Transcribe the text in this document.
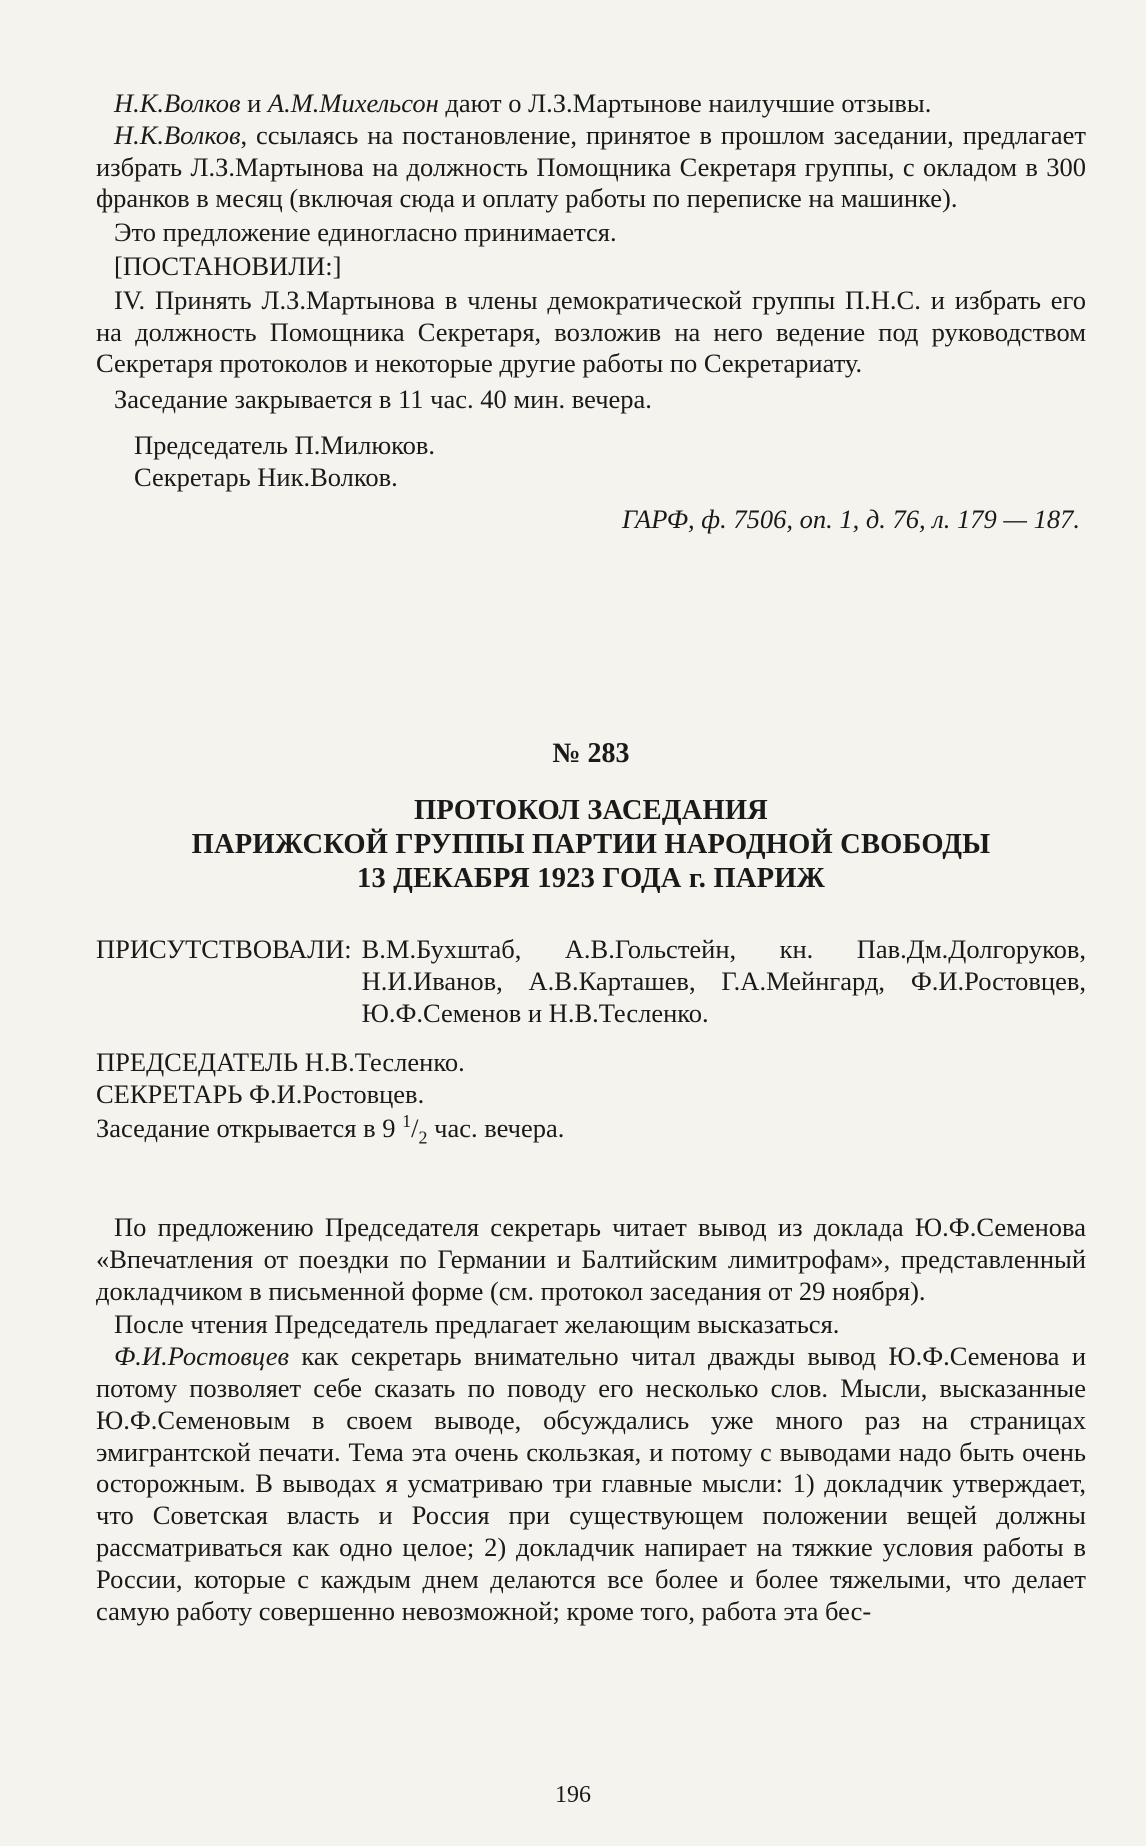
Н.К.Волков и А.М.Михельсон дают о Л.З.Мартынове наилучшие отзывы.

Н.К.Волков, ссылаясь на постановление, принятое в прошлом заседании, предлагает избрать Л.З.Мартынова на должность Помощника Секретаря группы, с окладом в 300 франков в месяц (включая сюда и оплату работы по переписке на машинке).

Это предложение единогласно принимается.

[ПОСТАНОВИЛИ:]

IV. Принять Л.З.Мартынова в члены демократической группы П.Н.С. и избрать его на должность Помощника Секретаря, возложив на него ведение под руководством Секретаря протоколов и некоторые другие работы по Секретариату.

Заседание закрывается в 11 час. 40 мин. вечера.

Председатель П.Милюков.

Секретарь Ник.Волков.

ГАРФ, ф. 7506, оп. 1, д. 76, л. 179 — 187.

№ 283

ПРОТОКОЛ ЗАСЕДАНИЯ

ПАРИЖСКОЙ ГРУППЫ ПАРТИИ НАРОДНОЙ СВОБОДЫ

13 ДЕКАБРЯ 1923 ГОДА г. ПАРИЖ

ПРИСУТСТВОВАЛИ: В.М.Бухштаб, А.В.Гольстейн, кн. Пав.Дм.Долгоруков, Н.И.Иванов, А.В.Карташев, Г.А.Мейнгард, Ф.И.Ростовцев, Ю.Ф.Семенов и Н.В.Тесленко.

ПРЕДСЕДАТЕЛЬ Н.В.Тесленко.

СЕКРЕТАРЬ Ф.И.Ростовцев.

Заседание открывается в 9 $^1/_2$ час. вечера.

По предложению Председателя секретарь читает вывод из доклада Ю.Ф.Семенова «Впечатления от поездки по Германии и Балтийским лимитрофам», представленный докладчиком в письменной форме (см. протокол заседания от 29 ноября).

После чтения Председатель предлагает желающим высказаться.

Ф.И.Ростовцев как секретарь внимательно читал дважды вывод Ю.Ф.Семенова и потому позволяет себе сказать по поводу его несколько слов. Мысли, высказанные Ю.Ф.Семеновым в своем выводе, обсуждались уже много раз на страницах эмигрантской печати. Тема эта очень скользкая, и потому с выводами надо быть очень осторожным. В выводах я усматриваю три главные мысли: 1) докладчик утверждает, что Советская власть и Россия при существующем положении вещей должны рассматриваться как одно целое; 2) докладчик напирает на тяжкие условия работы в России, которые с каждым днем делаются все более и более тяжелыми, что делает самую работу совершенно невозможной; кроме того, работа эта бес-

196
